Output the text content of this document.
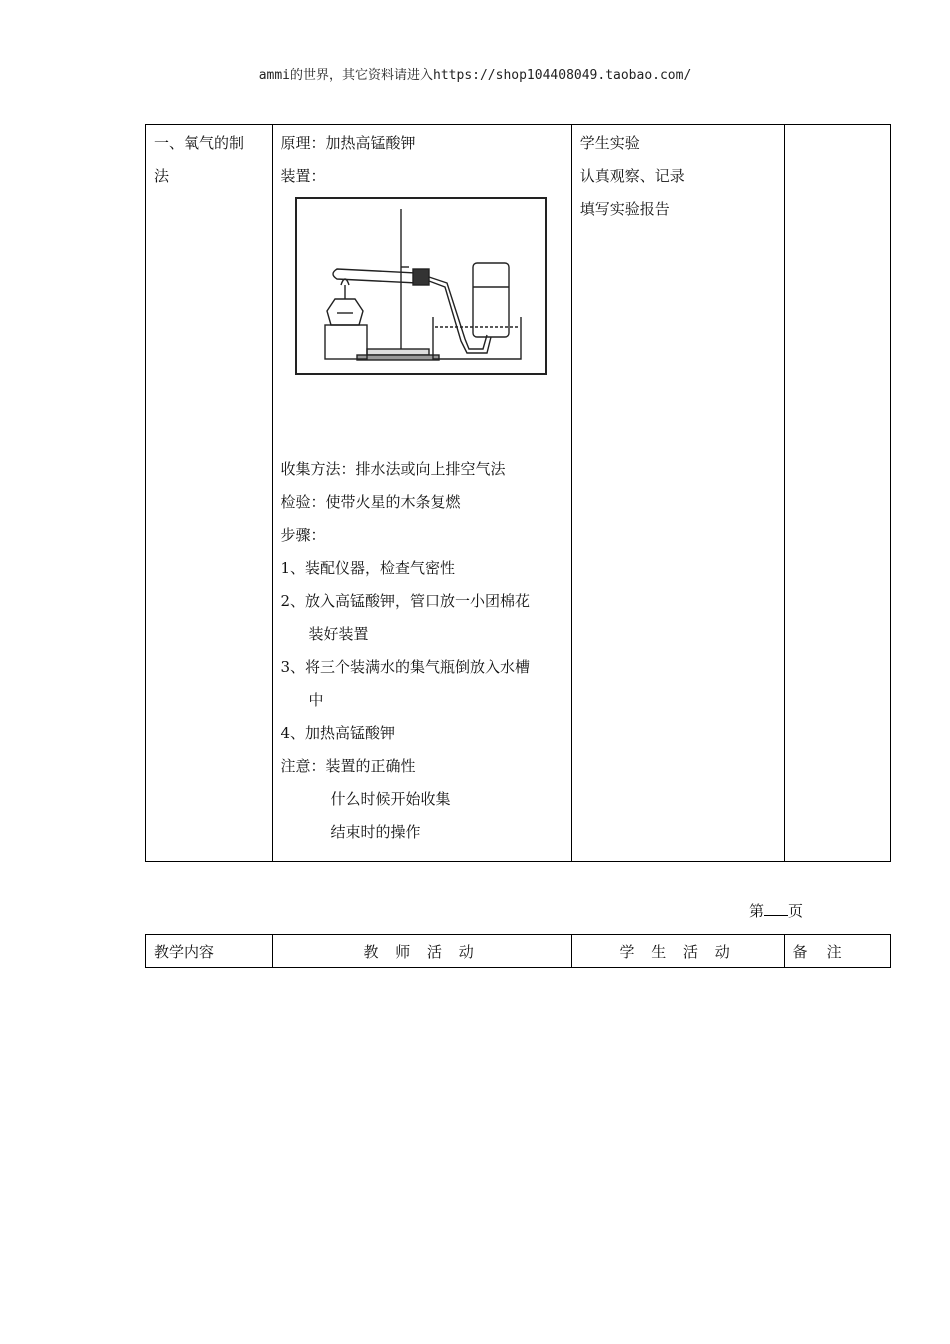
ammi的世界，其它资料请进入https://shop104408049.taobao.com/
一、氧气的制
法

原理：加热高锰酸钾
装置：
收集方法：排水法或向上排空气法
检验：使带火星的木条复燃
步骤：
1、装配仪器，检查气密性
2、放入高锰酸钾，管口放一小团棉花
装好装置
3、将三个装满水的集气瓶倒放入水槽
中
4、加热高锰酸钾
注意：装置的正确性
什么时候开始收集
结束时的操作

学生实验
认真观察、记录
填写实验报告

第 页
教学内容	教 师 活 动	学 生 活 动	备    注
